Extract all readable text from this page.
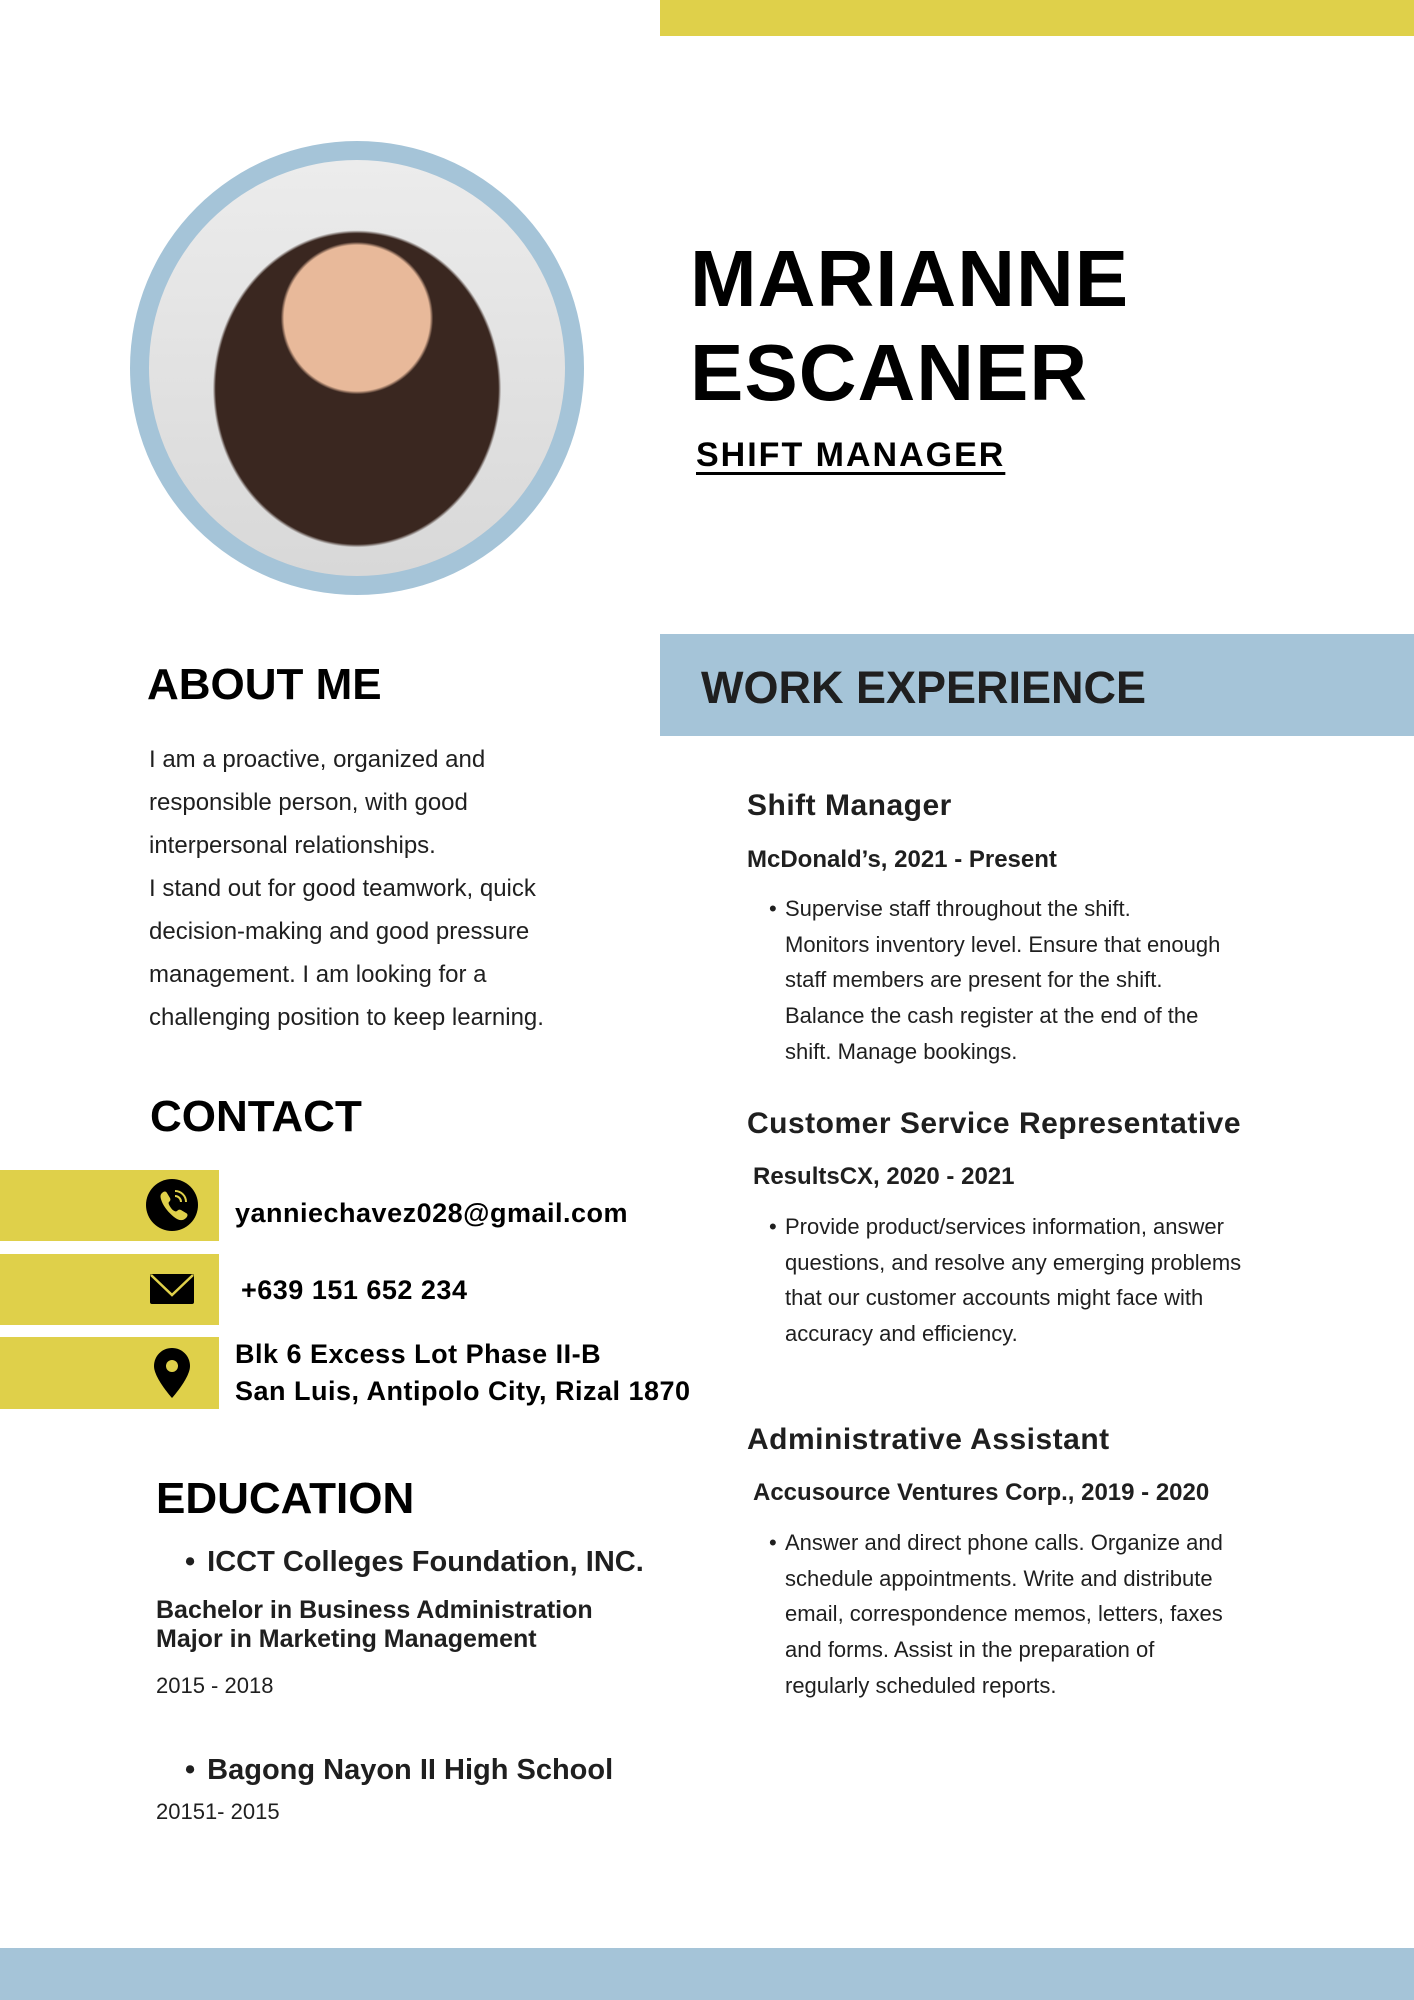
MARIANNE
ESCANER
SHIFT MANAGER
ABOUT ME
I am a proactive, organized and
responsible person, with good
interpersonal relationships.
I stand out for good teamwork, quick
decision-making and good pressure
management. I am looking for a
challenging position to keep learning.
CONTACT
yanniechavez028@gmail.com
+639 151 652 234
Blk 6 Excess Lot Phase II-B
San Luis, Antipolo City, Rizal 1870
EDUCATION
• ICCT Colleges Foundation, INC.
Bachelor in Business Administration
Major in Marketing Management
2015 - 2018
• Bagong Nayon II High School
20151- 2015
WORK EXPERIENCE
Shift Manager
McDonald’s, 2021 - Present
• Supervise staff throughout the shift.
Monitors inventory level. Ensure that enough
staff members are present for the shift.
Balance the cash register at the end of the
shift. Manage bookings.
Customer Service Representative
ResultsCX, 2020 - 2021
• Provide product/services information, answer
questions, and resolve any emerging problems
that our customer accounts might face with
accuracy and efficiency.
Administrative Assistant
Accusource Ventures Corp., 2019 - 2020
• Answer and direct phone calls. Organize and
schedule appointments. Write and distribute
email, correspondence memos, letters, faxes
and forms. Assist in the preparation of
regularly scheduled reports.
